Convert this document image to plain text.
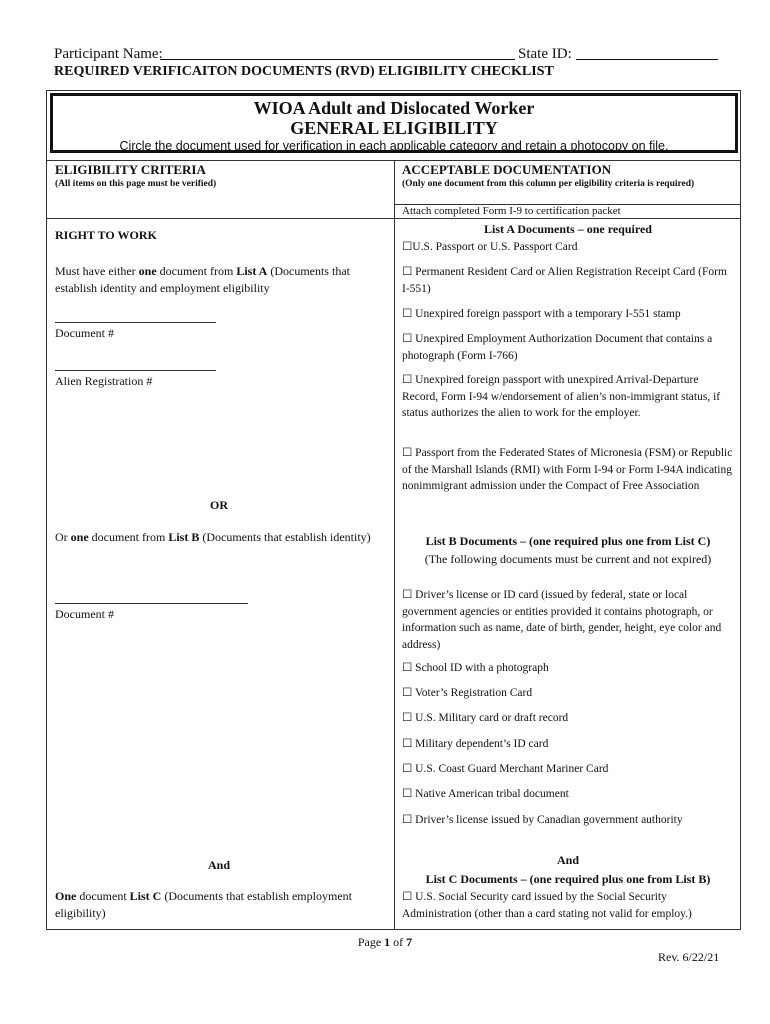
Participant Name:	State ID:
REQUIRED VERIFICAITON DOCUMENTS (RVD) ELIGIBILITY CHECKLIST
WIOA Adult and Dislocated Worker
GENERAL ELIGIBILITY
Circle the document used for verification in each applicable category and retain a photocopy on file.
ELIGIBILITY CRITERIA
(All items on this page must be verified)
ACCEPTABLE DOCUMENTATION
(Only one document from this column per eligibility criteria is required)
Attach completed Form I-9 to certification packet
RIGHT TO WORK
Must have either one document from List A (Documents that establish identity and employment eligibility
Document #
Alien Registration #
OR
Or one document from List B (Documents that establish identity)
Document #
And
One document List C (Documents that establish employment eligibility)
List A Documents – one required
☐U.S. Passport or U.S. Passport Card
☐ Permanent Resident Card or Alien Registration Receipt Card (Form I-551)
☐ Unexpired foreign passport with a temporary I-551 stamp
☐ Unexpired Employment Authorization Document that contains a photograph (Form I-766)
☐ Unexpired foreign passport with unexpired Arrival-Departure Record, Form I-94 w/endorsement of alien’s non-immigrant status, if status authorizes the alien to work for the employer.
☐ Passport from the Federated States of Micronesia (FSM) or Republic of the Marshall Islands (RMI) with Form I-94 or Form I-94A indicating nonimmigrant admission under the Compact of Free Association
List B Documents – (one required plus one from List C)
(The following documents must be current and not expired)
☐ Driver’s license or ID card (issued by federal, state or local government agencies or entities provided it contains photograph, or information such as name, date of birth, gender, height, eye color and address)
☐ School ID with a photograph
☐ Voter’s Registration Card
☐ U.S. Military card or draft record
☐ Military dependent’s ID card
☐ U.S. Coast Guard Merchant Mariner Card
☐ Native American tribal document
☐ Driver’s license issued by Canadian government authority
And
List C Documents – (one required plus one from List B)
☐ U.S. Social Security card issued by the Social Security Administration (other than a card stating not valid for employ.)
Page 1 of 7
Rev. 6/22/21
